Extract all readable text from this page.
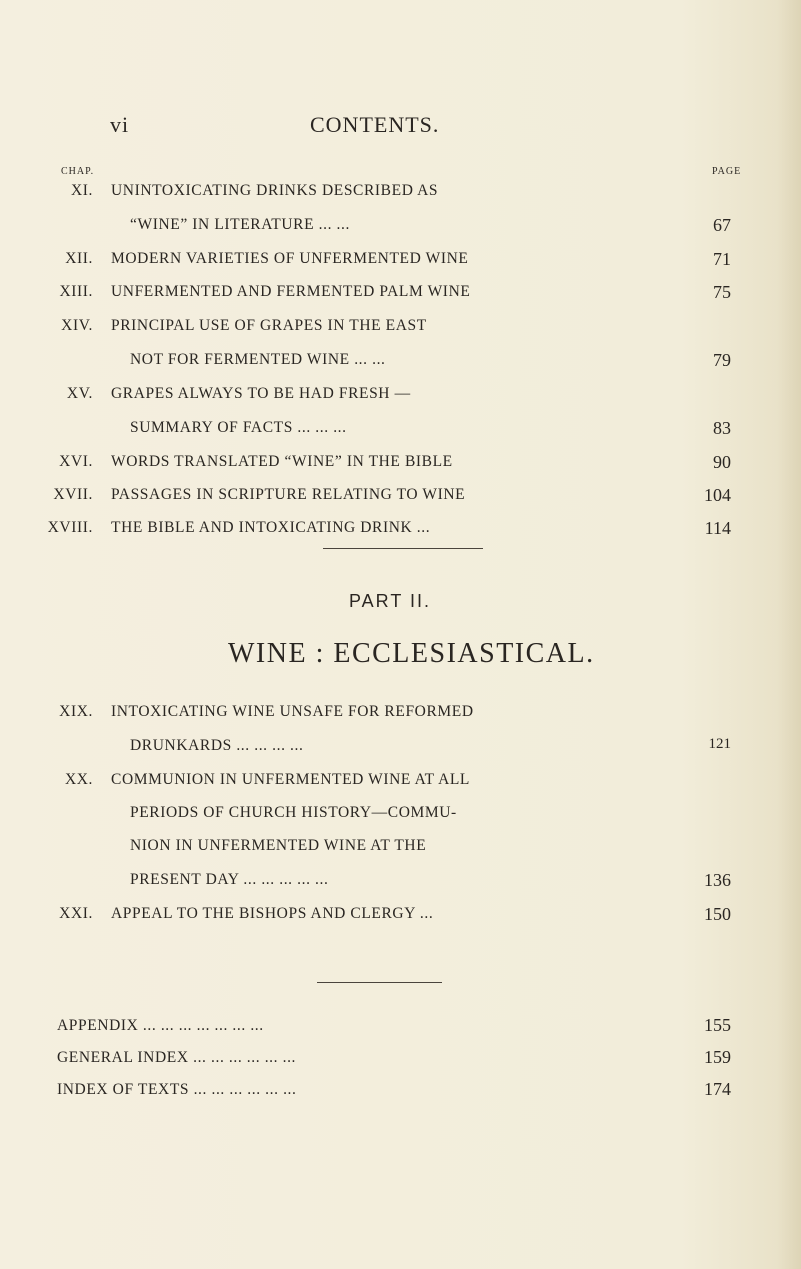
vi	CONTENTS.
CHAP.	PAGE
XI. UNINTOXICATING DRINKS DESCRIBED AS
“WINE” IN LITERATURE ... ...	67
XII. MODERN VARIETIES OF UNFERMENTED WINE	71
XIII. UNFERMENTED AND FERMENTED PALM WINE	75
XIV. PRINCIPAL USE OF GRAPES IN THE EAST
NOT FOR FERMENTED WINE ... ...	79
XV. GRAPES ALWAYS TO BE HAD FRESH —
SUMMARY OF FACTS ... ... ...	83
XVI. WORDS TRANSLATED “WINE” IN THE BIBLE	90
XVII. PASSAGES IN SCRIPTURE RELATING TO WINE	104
XVIII. THE BIBLE AND INTOXICATING DRINK ...	114
PART II.
WINE : ECCLESIASTICAL.
XIX. INTOXICATING WINE UNSAFE FOR REFORMED
DRUNKARDS ... ... ... ...	121
XX. COMMUNION IN UNFERMENTED WINE AT ALL
PERIODS OF CHURCH HISTORY—COMMU-
NION IN UNFERMENTED WINE AT THE
PRESENT DAY ... ... ... ... ...	136
XXI. APPEAL TO THE BISHOPS AND CLERGY ...	150
APPENDIX ... ... ... ... ... ... ...	155
GENERAL INDEX ... ... ... ... ... ...	159
INDEX OF TEXTS ... ... ... ... ... ...	174
